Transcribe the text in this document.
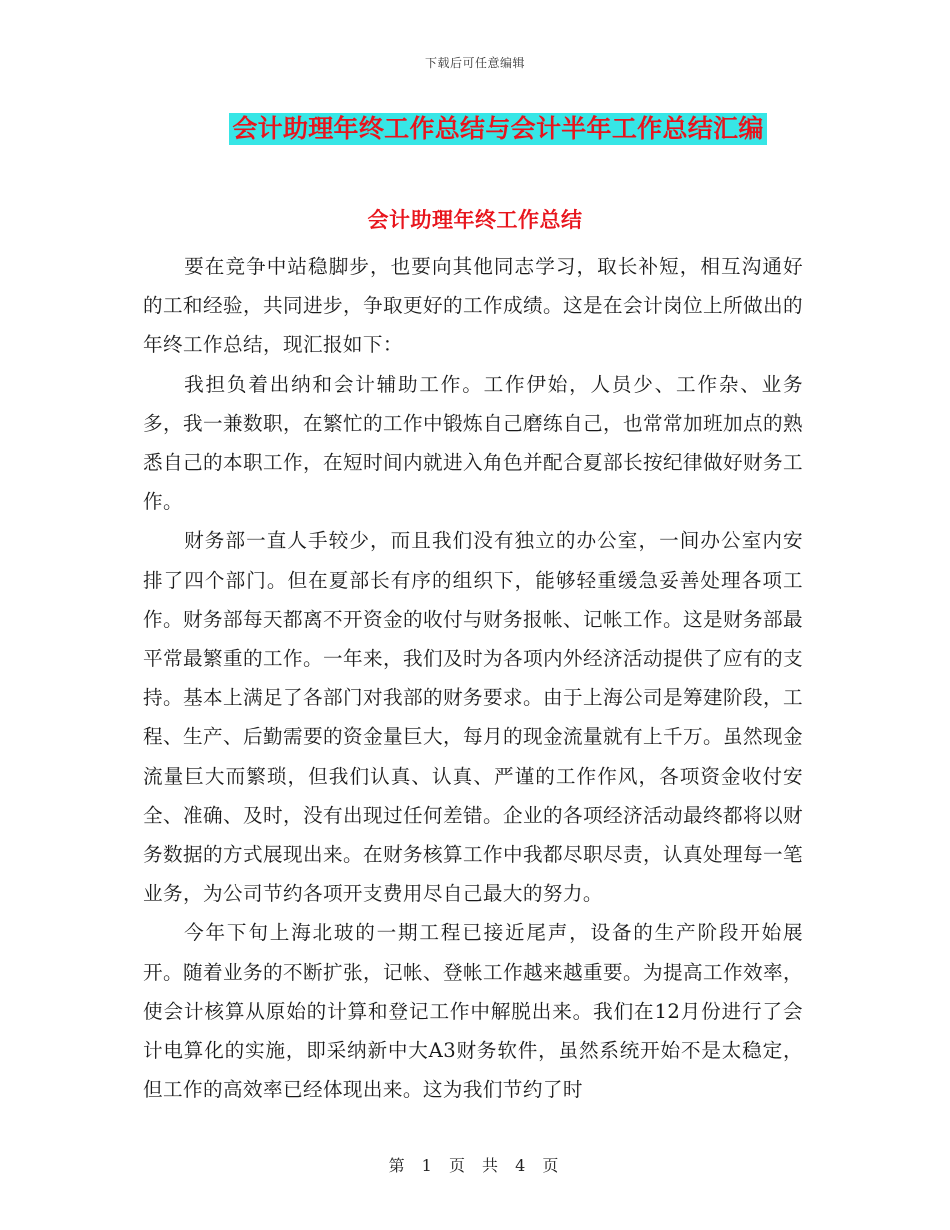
下载后可任意编辑
会计助理年终工作总结与会计半年工作总结汇编
会计助理年终工作总结

要在竞争中站稳脚步，也要向其他同志学习，取长补短，相互沟通好的工和经验，共同进步，争取更好的工作成绩。这是在会计岗位上所做出的年终工作总结，现汇报如下：

我担负着出纳和会计辅助工作。工作伊始，人员少、工作杂、业务多，我一兼数职，在繁忙的工作中锻炼自己磨练自己，也常常加班加点的熟悉自己的本职工作，在短时间内就进入角色并配合夏部长按纪律做好财务工作。

财务部一直人手较少，而且我们没有独立的办公室，一间办公室内安排了四个部门。但在夏部长有序的组织下，能够轻重缓急妥善处理各项工作。财务部每天都离不开资金的收付与财务报帐、记帐工作。这是财务部最平常最繁重的工作。一年来，我们及时为各项内外经济活动提供了应有的支持。基本上满足了各部门对我部的财务要求。由于上海公司是筹建阶段，工程、生产、后勤需要的资金量巨大，每月的现金流量就有上千万。虽然现金流量巨大而繁琐，但我们认真、认真、严谨的工作作风，各项资金收付安全、准确、及时，没有出现过任何差错。企业的各项经济活动最终都将以财务数据的方式展现出来。在财务核算工作中我都尽职尽责，认真处理每一笔业务，为公司节约各项开支费用尽自己最大的努力。

今年下旬上海北玻的一期工程已接近尾声，设备的生产阶段开始展开。随着业务的不断扩张，记帐、登帐工作越来越重要。为提高工作效率，使会计核算从原始的计算和登记工作中解脱出来。我们在12月份进行了会计电算化的实施，即采纳新中大A3财务软件，虽然系统开始不是太稳定，但工作的高效率已经体现出来。这为我们节约了时

第 1 页 共 4 页
